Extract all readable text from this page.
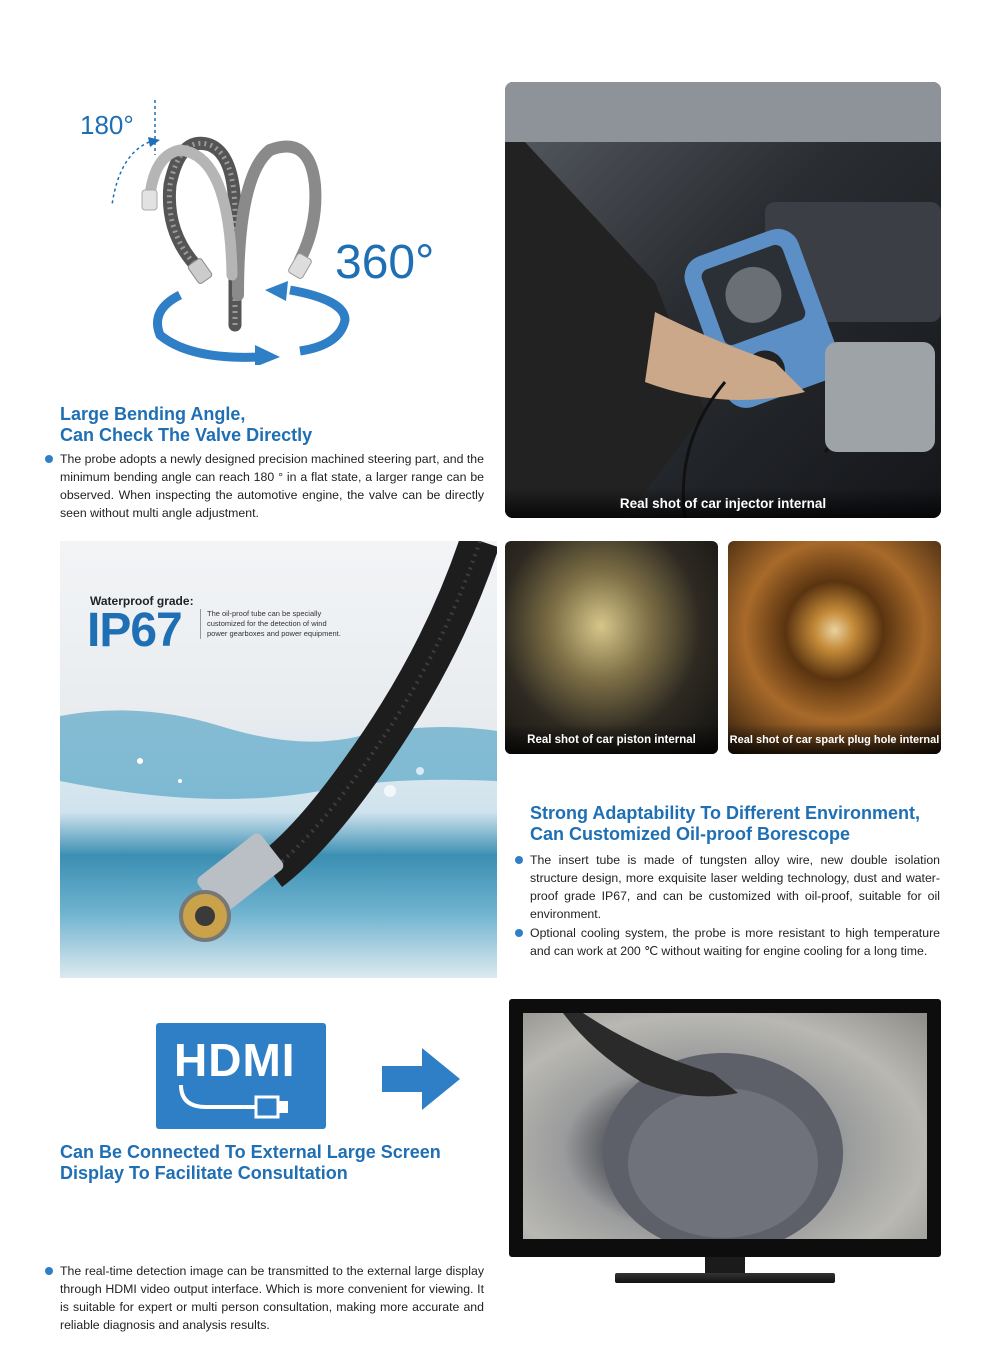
180°
360°
Large Bending Angle,
Can Check The Valve Directly
The probe adopts a newly designed precision machined steering part, and the minimum bending angle can reach 180 ° in a flat state, a larger range can be observed. When inspecting the automotive engine, the valve can be directly seen without multi angle adjustment.
Real shot of car injector internal
Waterproof grade:
IP67	The oil-proof tube can be specially customized for the detection of wind power gearboxes and power equipment.
Real shot of car piston internal	Real shot of car spark plug hole internal
Strong Adaptability To Different Environment,
Can Customized Oil-proof Borescope
The insert tube is made of tungsten alloy wire, new double isolation structure design, more exquisite laser welding technology, dust and water-proof grade IP67, and can be customized with oil-proof, suitable for oil environment.
Optional cooling system, the probe is more resistant to high temperature and can work at 200 ℃ without waiting for engine cooling for a long time.
HDMI
Can Be Connected To External Large Screen
Display To Facilitate Consultation
The real-time detection image can be transmitted to the external large display through HDMI video output interface. Which is more convenient for viewing. It is suitable for expert or multi person consultation, making more accurate and reliable diagnosis and analysis results.
